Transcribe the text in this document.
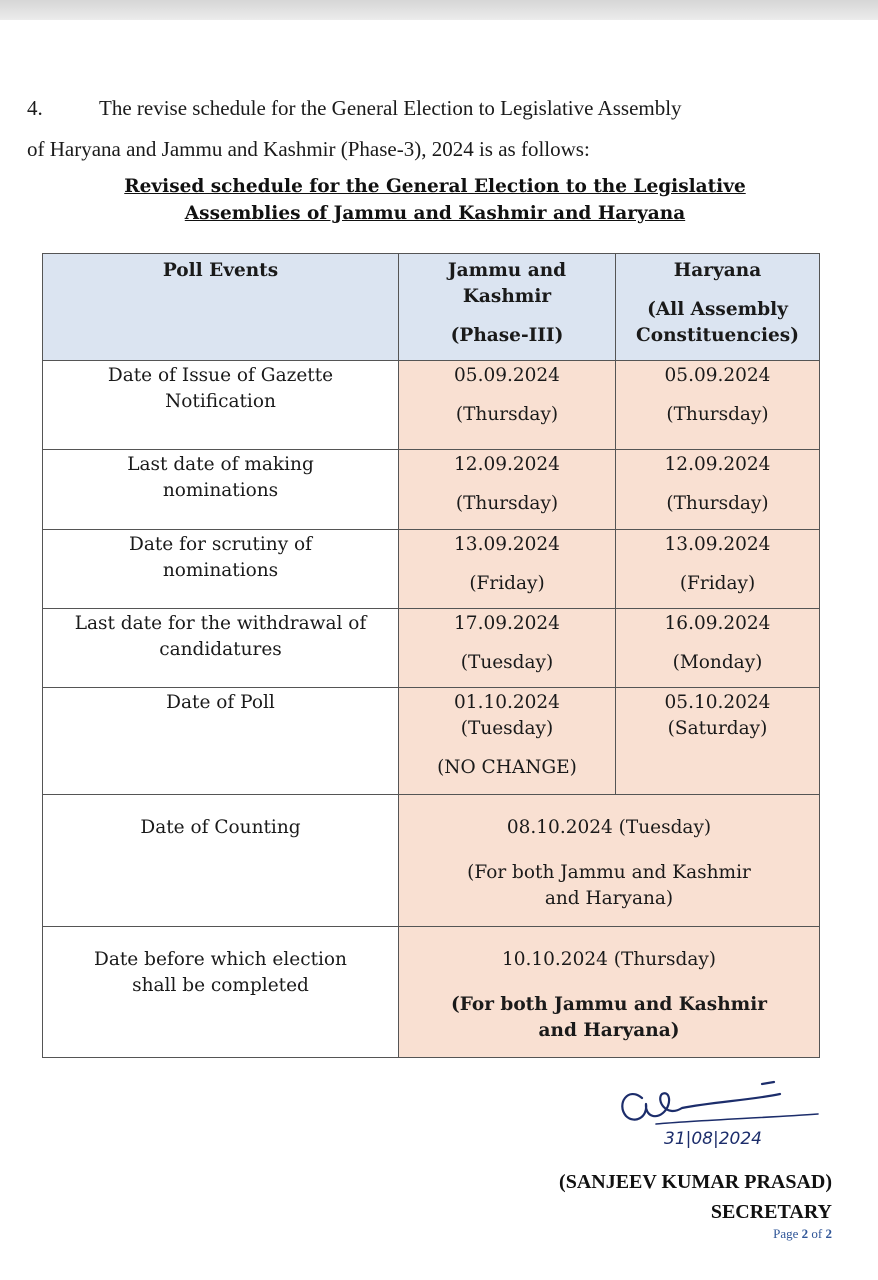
4.	The revise schedule for the General Election to Legislative Assembly
of Haryana and Jammu and Kashmir (Phase-3), 2024 is as follows:
Revised schedule for the General Election to the Legislative
Assemblies of Jammu and Kashmir and Haryana
Poll Events	Jammu and
Kashmir
(Phase-III)	Haryana
(All Assembly
Constituencies)

Date of Issue of Gazette
Notification	05.09.2024
(Thursday)	05.09.2024
(Thursday)

Last date of making
nominations	12.09.2024
(Thursday)	12.09.2024
(Thursday)

Date for scrutiny of
nominations	13.09.2024
(Friday)	13.09.2024
(Friday)

Last date for the withdrawal of
candidatures	17.09.2024
(Tuesday)	16.09.2024
(Monday)

Date of Poll	01.10.2024
(Tuesday)
(NO CHANGE)	05.10.2024
(Saturday)

Date of Counting	08.10.2024 (Tuesday)
(For both Jammu and Kashmir
and Haryana)	

Date before which election
shall be completed	10.10.2024 (Thursday)
(For both Jammu and Kashmir
and Haryana)	
31|08|2024
(SANJEEV KUMAR PRASAD)
SECRETARY
Page 2 of 2
